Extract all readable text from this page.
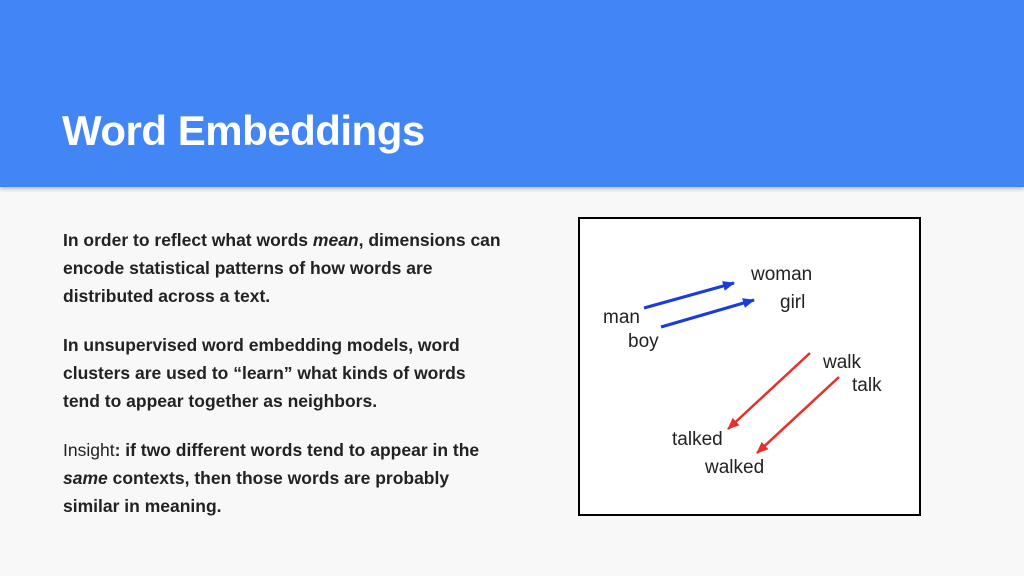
Word Embeddings

In order to reflect what words mean, dimensions can encode statistical patterns of how words are distributed across a text.

In unsupervised word embedding models, word clusters are used to “learn” what kinds of words tend to appear together as neighbors.

Insight: if two different words tend to appear in the same contexts, then those words are probably similar in meaning.

woman
girl
man
boy
walk
talk
talked
walked
